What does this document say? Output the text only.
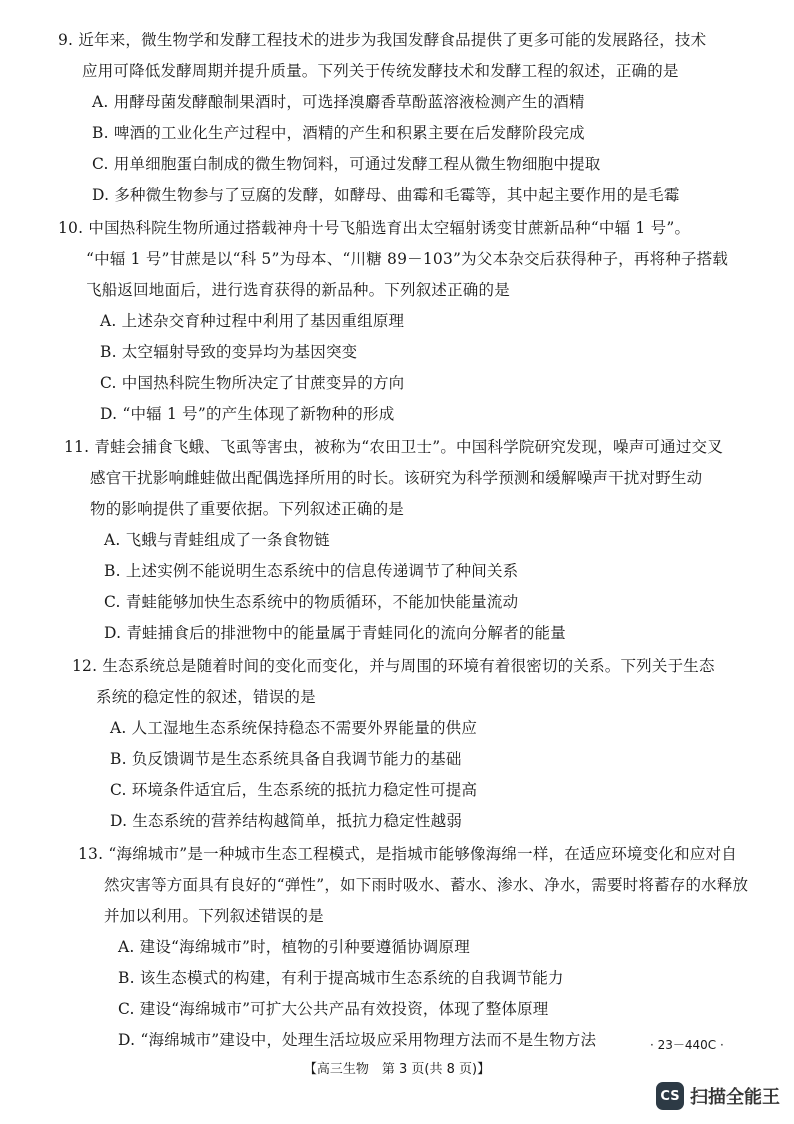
9. 近年来，微生物学和发酵工程技术的进步为我国发酵食品提供了更多可能的发展路径，技术
应用可降低发酵周期并提升质量。下列关于传统发酵技术和发酵工程的叙述，正确的是
A. 用酵母菌发酵酿制果酒时，可选择溴麝香草酚蓝溶液检测产生的酒精
B. 啤酒的工业化生产过程中，酒精的产生和积累主要在后发酵阶段完成
C. 用单细胞蛋白制成的微生物饲料，可通过发酵工程从微生物细胞中提取
D. 多种微生物参与了豆腐的发酵，如酵母、曲霉和毛霉等，其中起主要作用的是毛霉
10. 中国热科院生物所通过搭载神舟十号飞船选育出太空辐射诱变甘蔗新品种“中辐 1 号”。
“中辐 1 号”甘蔗是以“科 5”为母本、“川糖 89－103”为父本杂交后获得种子，再将种子搭载
飞船返回地面后，进行选育获得的新品种。下列叙述正确的是
A. 上述杂交育种过程中利用了基因重组原理
B. 太空辐射导致的变异均为基因突变
C. 中国热科院生物所决定了甘蔗变异的方向
D. “中辐 1 号”的产生体现了新物种的形成
11. 青蛙会捕食飞蛾、飞虱等害虫，被称为“农田卫士”。中国科学院研究发现，噪声可通过交叉
感官干扰影响雌蛙做出配偶选择所用的时长。该研究为科学预测和缓解噪声干扰对野生动
物的影响提供了重要依据。下列叙述正确的是
A. 飞蛾与青蛙组成了一条食物链
B. 上述实例不能说明生态系统中的信息传递调节了种间关系
C. 青蛙能够加快生态系统中的物质循环，不能加快能量流动
D. 青蛙捕食后的排泄物中的能量属于青蛙同化的流向分解者的能量
12. 生态系统总是随着时间的变化而变化，并与周围的环境有着很密切的关系。下列关于生态
系统的稳定性的叙述，错误的是
A. 人工湿地生态系统保持稳态不需要外界能量的供应
B. 负反馈调节是生态系统具备自我调节能力的基础
C. 环境条件适宜后，生态系统的抵抗力稳定性可提高
D. 生态系统的营养结构越简单，抵抗力稳定性越弱
13. “海绵城市”是一种城市生态工程模式，是指城市能够像海绵一样，在适应环境变化和应对自
然灾害等方面具有良好的“弹性”，如下雨时吸水、蓄水、渗水、净水，需要时将蓄存的水释放
并加以利用。下列叙述错误的是
A. 建设“海绵城市”时，植物的引种要遵循协调原理
B. 该生态模式的构建，有利于提高城市生态系统的自我调节能力
C. 建设“海绵城市”可扩大公共产品有效投资，体现了整体原理
D. “海绵城市”建设中，处理生活垃圾应采用物理方法而不是生物方法	· 23－440C ·
【高三生物　第 3 页(共 8 页)】
CS 扫描全能王
